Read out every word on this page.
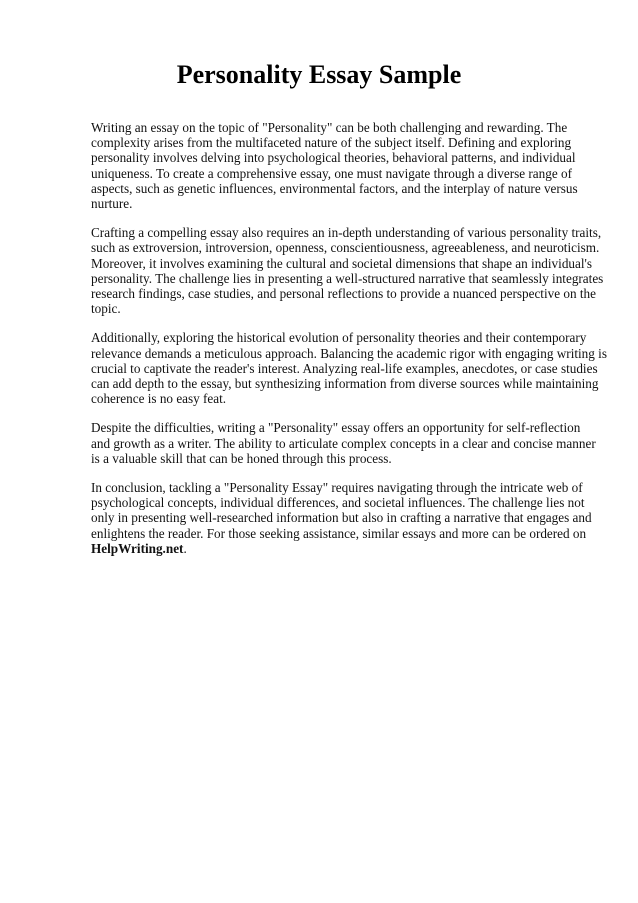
Personality Essay Sample

Writing an essay on the topic of "Personality" can be both challenging and rewarding. The
complexity arises from the multifaceted nature of the subject itself. Defining and exploring
personality involves delving into psychological theories, behavioral patterns, and individual
uniqueness. To create a comprehensive essay, one must navigate through a diverse range of
aspects, such as genetic influences, environmental factors, and the interplay of nature versus
nurture.

Crafting a compelling essay also requires an in-depth understanding of various personality traits,
such as extroversion, introversion, openness, conscientiousness, agreeableness, and neuroticism.
Moreover, it involves examining the cultural and societal dimensions that shape an individual's
personality. The challenge lies in presenting a well-structured narrative that seamlessly integrates
research findings, case studies, and personal reflections to provide a nuanced perspective on the
topic.

Additionally, exploring the historical evolution of personality theories and their contemporary
relevance demands a meticulous approach. Balancing the academic rigor with engaging writing is
crucial to captivate the reader's interest. Analyzing real-life examples, anecdotes, or case studies
can add depth to the essay, but synthesizing information from diverse sources while maintaining
coherence is no easy feat.

Despite the difficulties, writing a "Personality" essay offers an opportunity for self-reflection
and growth as a writer. The ability to articulate complex concepts in a clear and concise manner
is a valuable skill that can be honed through this process.

In conclusion, tackling a "Personality Essay" requires navigating through the intricate web of
psychological concepts, individual differences, and societal influences. The challenge lies not
only in presenting well-researched information but also in crafting a narrative that engages and
enlightens the reader. For those seeking assistance, similar essays and more can be ordered on
HelpWriting.net.
